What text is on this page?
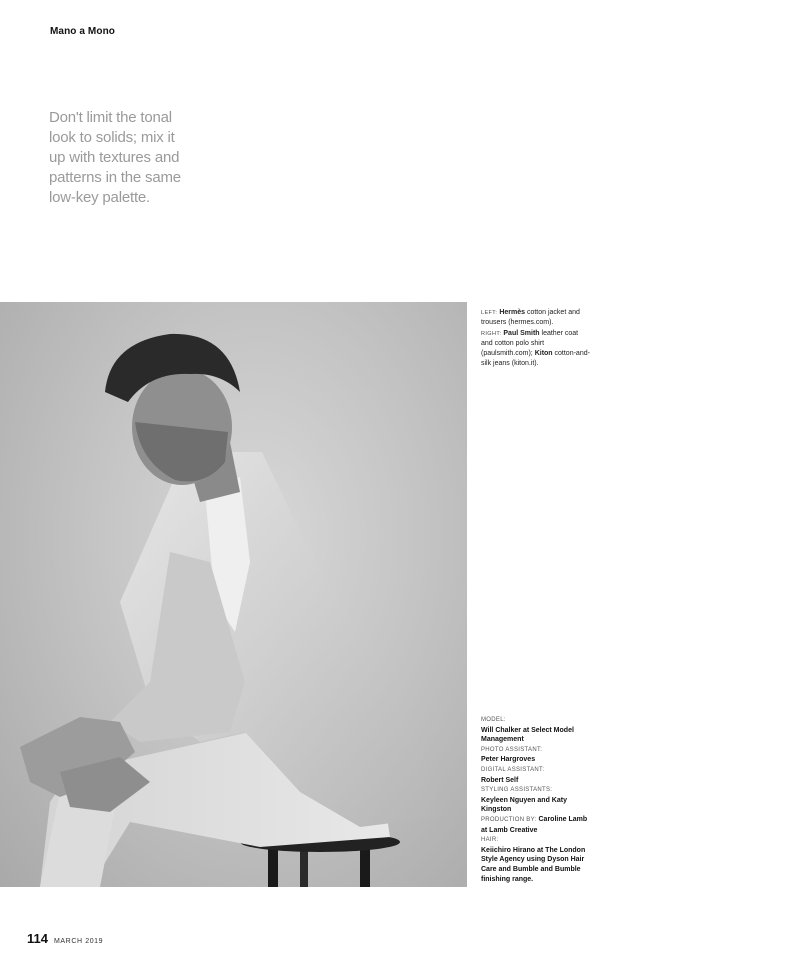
Mano a Mono
Don't limit the tonal
look to solids; mix it
up with textures and
patterns in the same
low-key palette.
LEFT: Hermès cotton jacket and trousers (hermes.com).
RIGHT: Paul Smith leather coat and cotton polo shirt (paulsmith.com); Kiton cotton-and-silk jeans (kiton.it).
MODEL:
Will Chalker at Select Model Management
PHOTO ASSISTANT:
Peter Hargroves
DIGITAL ASSISTANT:
Robert Self
STYLING ASSISTANTS:
Keyleen Nguyen and Katy Kingston
PRODUCTION BY: Caroline Lamb at Lamb Creative
HAIR:
Keiichiro Hirano at The London Style Agency using Dyson Hair Care and Bumble and Bumble finishing range.
114 MARCH 2019
